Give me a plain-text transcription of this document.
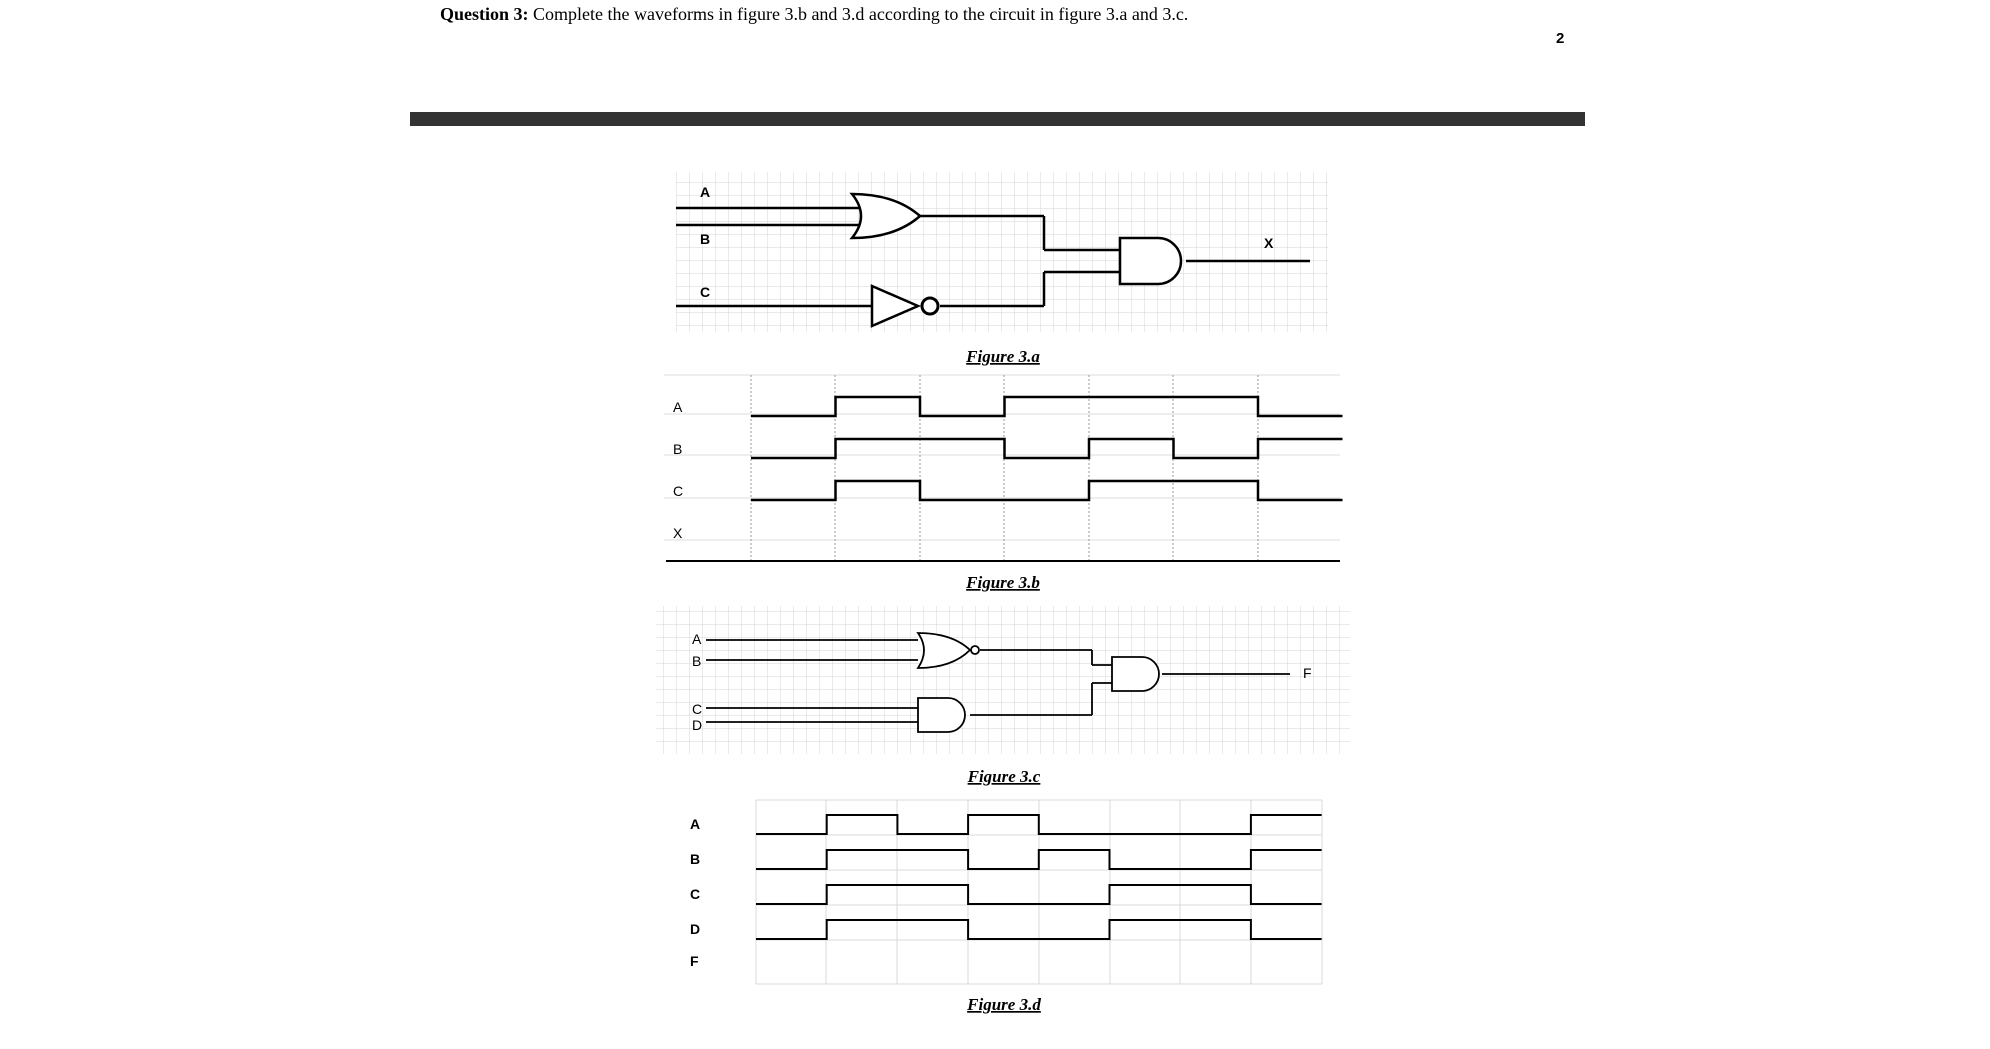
Question 3: Complete the waveforms in figure 3.b and 3.d according to the circuit in figure 3.a and 3.c.
2
A
B
C
X
Figure 3.a
A
B
C
X
Figure 3.b
A
B
C
D
F
Figure 3.c
A
B
C
D
F
Figure 3.d
